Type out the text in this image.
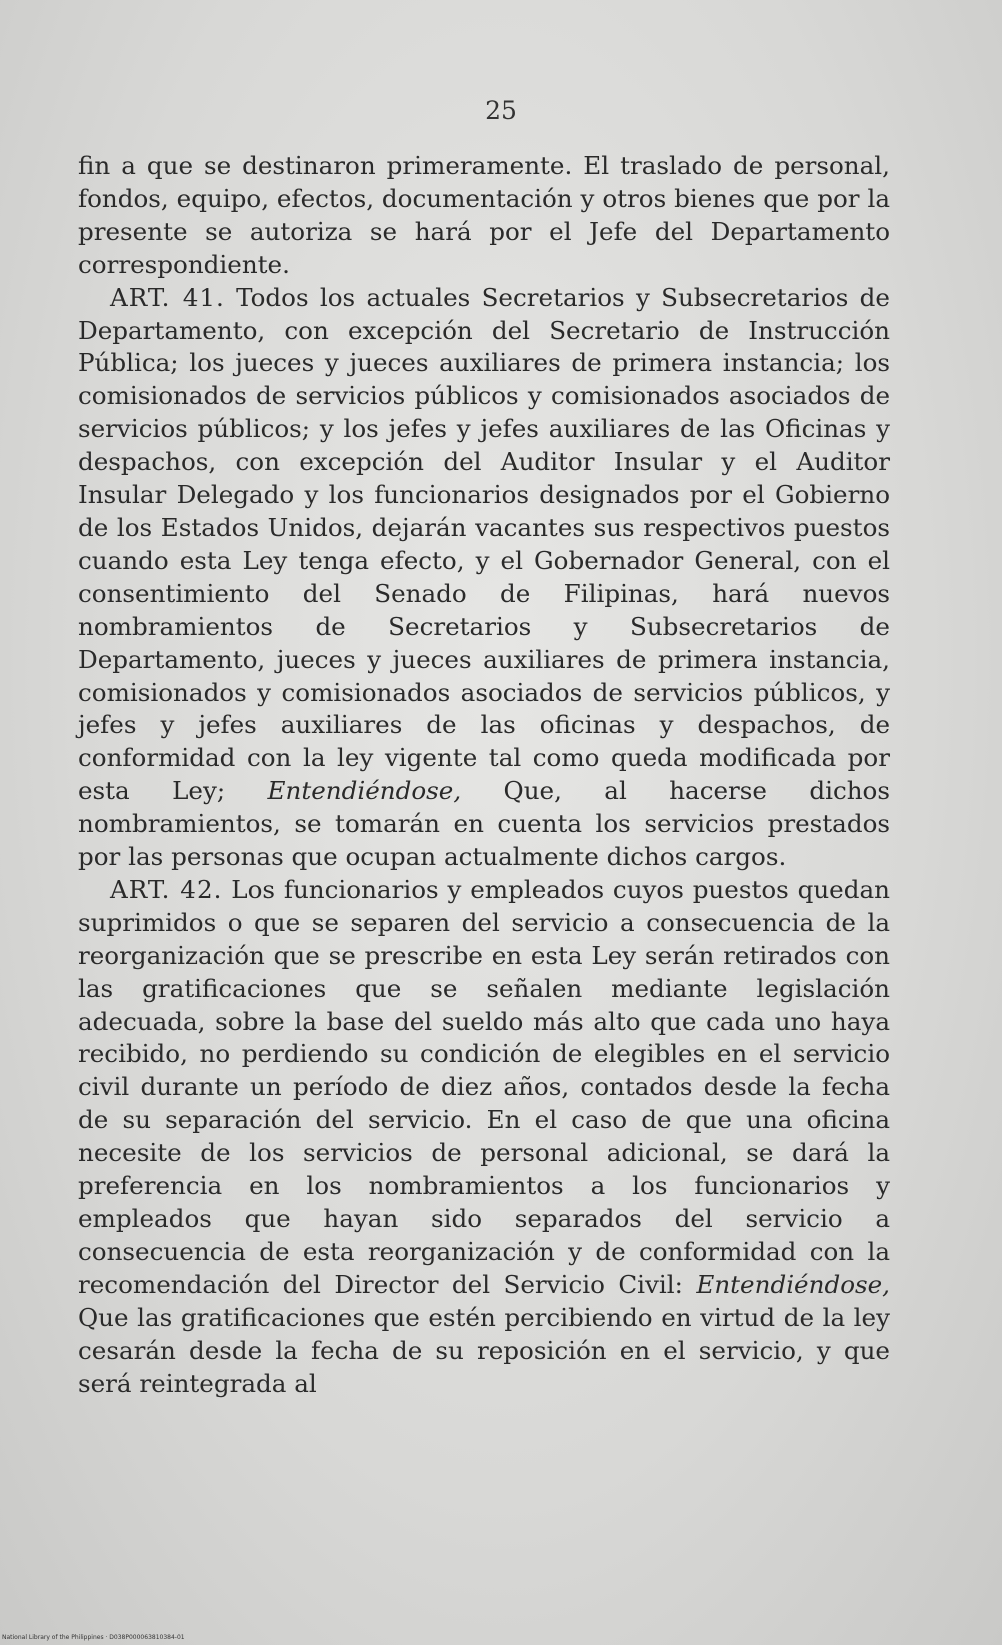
25

fin a que se destinaron primeramente. El traslado de personal, fondos, equipo, efectos, documentación y otros bienes que por la presente se autoriza se hará por el Jefe del Departamento correspondiente.

ART. 41. Todos los actuales Secretarios y Subsecretarios de Departamento, con excepción del Secretario de Instrucción Pública; los jueces y jueces auxiliares de primera instancia; los comisionados de servicios públicos y comisionados asociados de servicios públicos; y los jefes y jefes auxiliares de las Oficinas y despachos, con excepción del Auditor Insular y el Auditor Insular Delegado y los funcionarios designados por el Gobierno de los Estados Unidos, dejarán vacantes sus respectivos puestos cuando esta Ley tenga efecto, y el Gobernador General, con el consentimiento del Senado de Filipinas, hará nuevos nombramientos de Secretarios y Subsecretarios de Departamento, jueces y jueces auxiliares de primera instancia, comisionados y comisionados asociados de servicios públicos, y jefes y jefes auxiliares de las oficinas y despachos, de conformidad con la ley vigente tal como queda modificada por esta Ley; Entendiéndose, Que, al hacerse dichos nombramientos, se tomarán en cuenta los servicios prestados por las personas que ocupan actualmente dichos cargos.

ART. 42. Los funcionarios y empleados cuyos puestos quedan suprimidos o que se separen del servicio a consecuencia de la reorganización que se prescribe en esta Ley serán retirados con las gratificaciones que se señalen mediante legislación adecuada, sobre la base del sueldo más alto que cada uno haya recibido, no perdiendo su condición de elegibles en el servicio civil durante un período de diez años, contados desde la fecha de su separación del servicio. En el caso de que una oficina necesite de los servicios de personal adicional, se dará la preferencia en los nombramientos a los funcionarios y empleados que hayan sido separados del servicio a consecuencia de esta reorganización y de conformidad con la recomendación del Director del Servicio Civil: Entendiéndose, Que las gratificaciones que estén percibiendo en virtud de la ley cesarán desde la fecha de su reposición en el servicio, y que será reintegrada al

National Library of the Philippines · D038P000063810384-01
